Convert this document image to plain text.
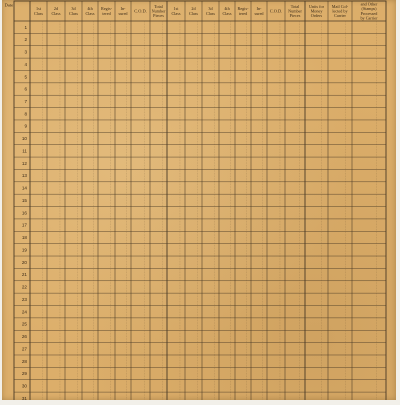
Date
1st
Class
2d
Class
3d
Class
4th
Class
Regis-
tered
In-
sured C.O.D.
Total
Number
Pieces
1st
Class
2d
Class
3d
Class
4th
Class
Regis-
tered
In-
sured C.O.D.
Total
Number
Pieces
Units for
Money
Orders
Mail Col-
lected by
Carrier
and Other
(Stamps)
Processed
by Carrier
1
2
3
4
5
6
7
8
9
10
11
12
13
14
15
16
17
18
19
20
21
22
23
24
25
26
27
28
29
30
31
